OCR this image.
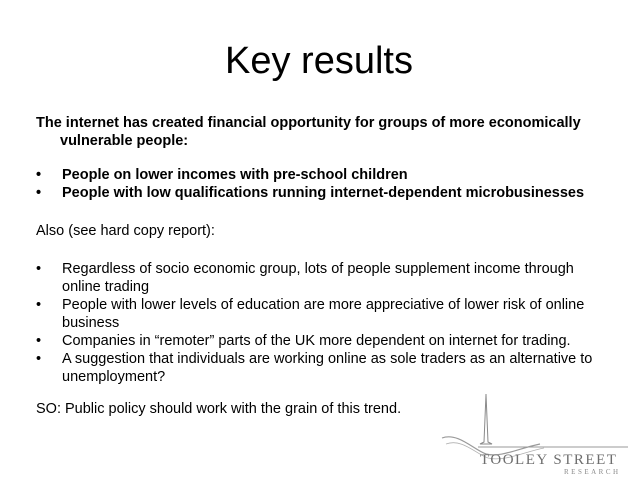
Key results
The internet has created financial opportunity for groups of more economically
vulnerable people:
• People on lower incomes with pre-school children
• People with low qualifications running internet-dependent microbusinesses
Also (see hard copy report):
• Regardless of socio economic group, lots of people supplement income through online trading
• People with lower levels of education are more appreciative of lower risk of online business
• Companies in “remoter” parts of the UK more dependent on internet for trading.
• A suggestion that individuals are working online as sole traders as an alternative to unemployment?
SO: Public policy should work with the grain of this trend.
TOOLEY STREET
RESEARCH
